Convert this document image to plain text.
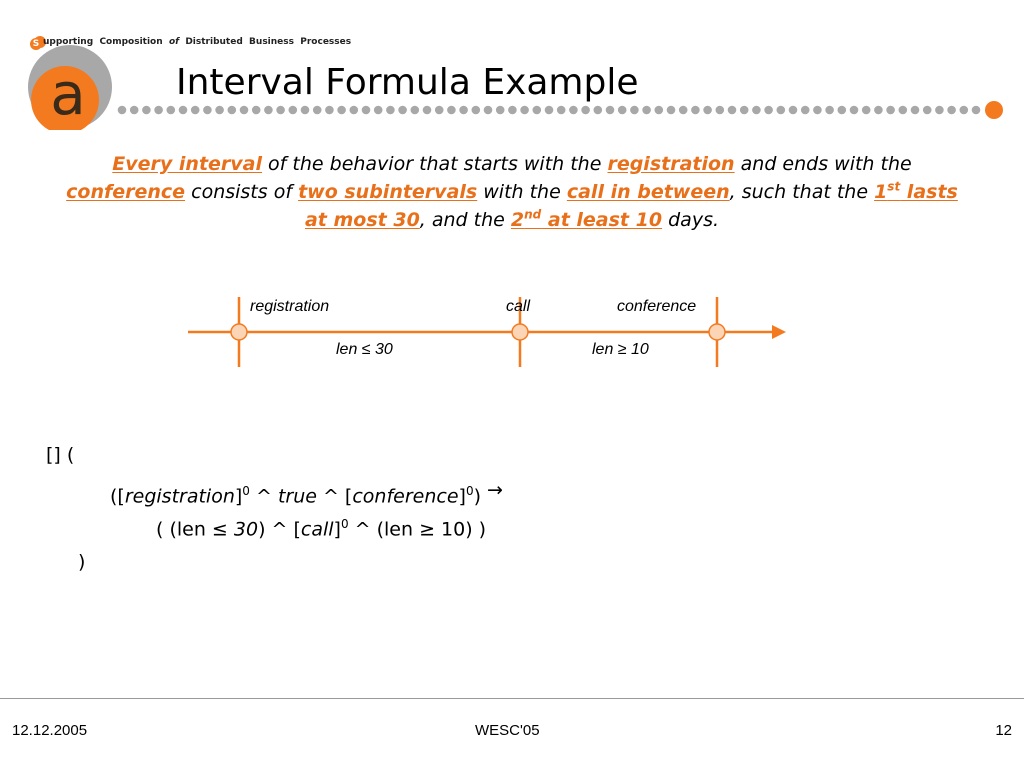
a
S upporting Composition of Distributed Business Processes
Interval Formula Example
Every interval of the behavior that starts with the registration and ends with the conference consists of two subintervals with the call in between, such that the 1st lasts at most 30, and the 2nd at least 10 days.
registration	call	conference
len ≤ 30	len ≥ 10
[] (
([registration]$^0$ ^ true ^ [conference]$^0$) →
( (len ≤ 30) ^ [call]$^0$ ^ (len ≥ 10) )
)
12.12.2005	WESC'05	12
